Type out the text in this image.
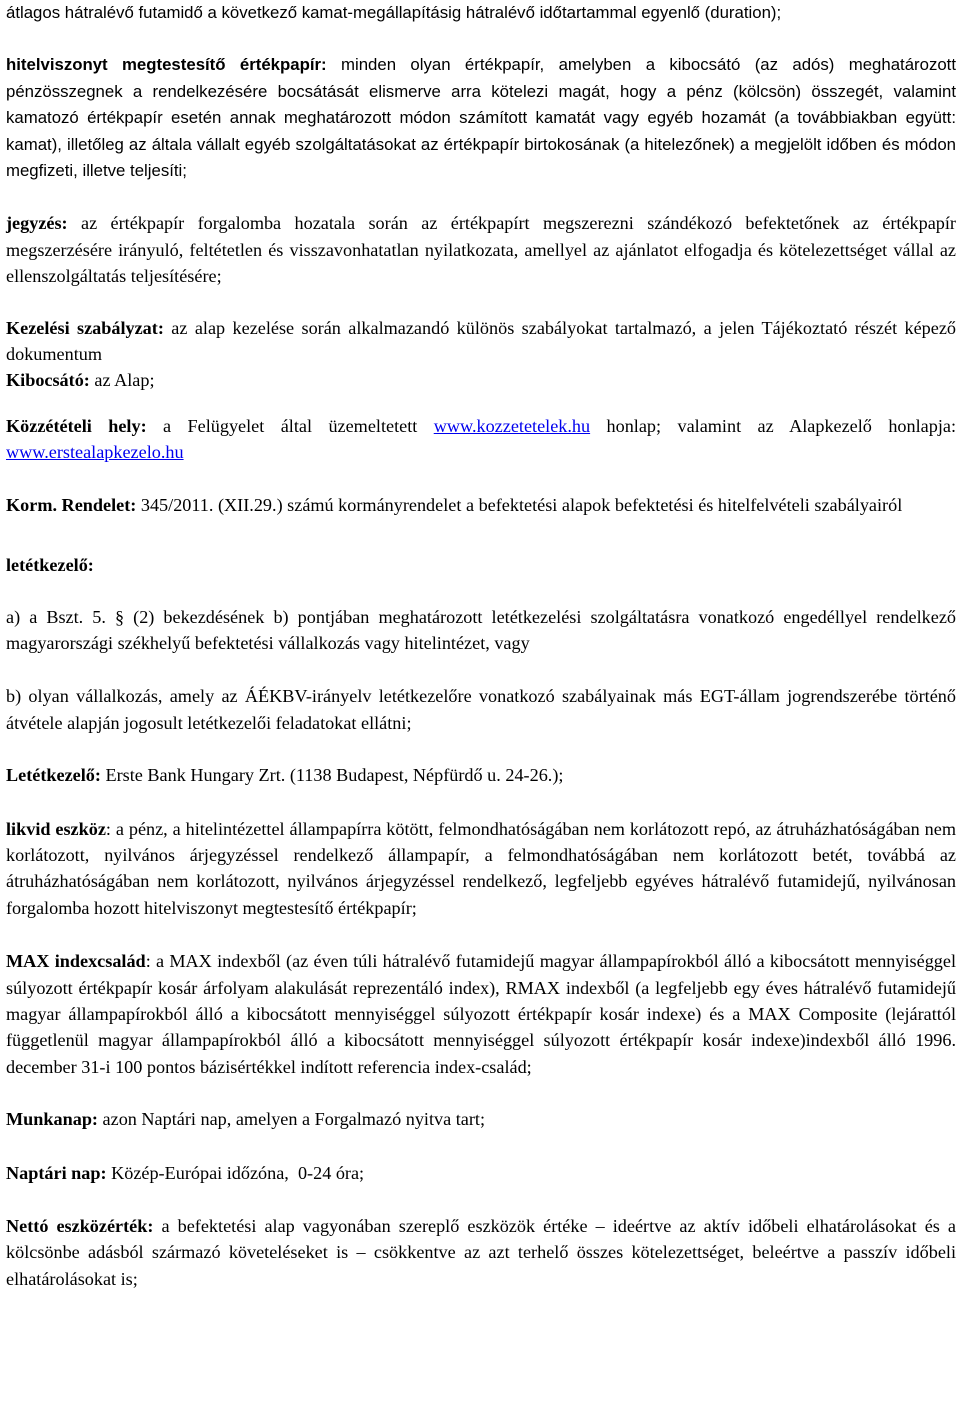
átlagos hátralévő futamidő a következő kamat-megállapításig hátralévő időtartammal egyenlő (duration);

hitelviszonyt megtestesítő értékpapír: minden olyan értékpapír, amelyben a kibocsátó (az adós) meghatározott pénzösszegnek a rendelkezésére bocsátását elismerve arra kötelezi magát, hogy a pénz (kölcsön) összegét, valamint kamatozó értékpapír esetén annak meghatározott módon számított kamatát vagy egyéb hozamát (a továbbiakban együtt: kamat), illetőleg az általa vállalt egyéb szolgáltatásokat az értékpapír birtokosának (a hitelezőnek) a megjelölt időben és módon megfizeti, illetve teljesíti;

jegyzés: az értékpapír forgalomba hozatala során az értékpapírt megszerezni szándékozó befektetőnek az értékpapír megszerzésére irányuló, feltétetlen és visszavonhatatlan nyilatkozata, amellyel az ajánlatot elfogadja és kötelezettséget vállal az ellenszolgáltatás teljesítésére;

Kezelési szabályzat: az alap kezelése során alkalmazandó különös szabályokat tartalmazó, a jelen Tájékoztató részét képező dokumentum

Kibocsátó: az Alap;

Közzétételi hely: a Felügyelet által üzemeltetett www.kozzetetelek.hu honlap; valamint az Alapkezelő honlapja: www.erstealapkezelo.hu

Korm. Rendelet: 345/2011. (XII.29.) számú kormányrendelet a befektetési alapok befektetési és hitelfelvételi szabályairól

letétkezelő:

a) a Bszt. 5. § (2) bekezdésének b) pontjában meghatározott letétkezelési szolgáltatásra vonatkozó engedéllyel rendelkező magyarországi székhelyű befektetési vállalkozás vagy hitelintézet, vagy

b) olyan vállalkozás, amely az ÁÉKBV-irányelv letétkezelőre vonatkozó szabályainak más EGT-állam jogrendszerébe történő átvétele alapján jogosult letétkezelői feladatokat ellátni;

Letétkezelő: Erste Bank Hungary Zrt. (1138 Budapest, Népfürdő u. 24-26.);

likvid eszköz: a pénz, a hitelintézettel állampapírra kötött, felmondhatóságában nem korlátozott repó, az átruházhatóságában nem korlátozott, nyilvános árjegyzéssel rendelkező állampapír, a felmondhatóságában nem korlátozott betét, továbbá az átruházhatóságában nem korlátozott, nyilvános árjegyzéssel rendelkező, legfeljebb egyéves hátralévő futamidejű, nyilvánosan forgalomba hozott hitelviszonyt megtestesítő értékpapír;

MAX indexcsalád: a MAX indexből (az éven túli hátralévő futamidejű magyar állampapírokból álló a kibocsátott mennyiséggel súlyozott értékpapír kosár árfolyam alakulását reprezentáló index), RMAX indexből (a legfeljebb egy éves hátralévő futamidejű magyar állampapírokból álló a kibocsátott mennyiséggel súlyozott értékpapír kosár indexe) és a MAX Composite (lejárattól függetlenül magyar állampapírokból álló a kibocsátott mennyiséggel súlyozott értékpapír kosár indexe)indexből álló 1996. december 31-i 100 pontos bázisértékkel indított referencia index-család;

Munkanap: azon Naptári nap, amelyen a Forgalmazó nyitva tart;

Naptári nap: Közép-Európai időzóna,  0-24 óra;

Nettó eszközérték: a befektetési alap vagyonában szereplő eszközök értéke – ideértve az aktív időbeli elhatárolásokat és a kölcsönbe adásból származó követeléseket is – csökkentve az azt terhelő összes kötelezettséget, beleértve a passzív időbeli elhatárolásokat is;
